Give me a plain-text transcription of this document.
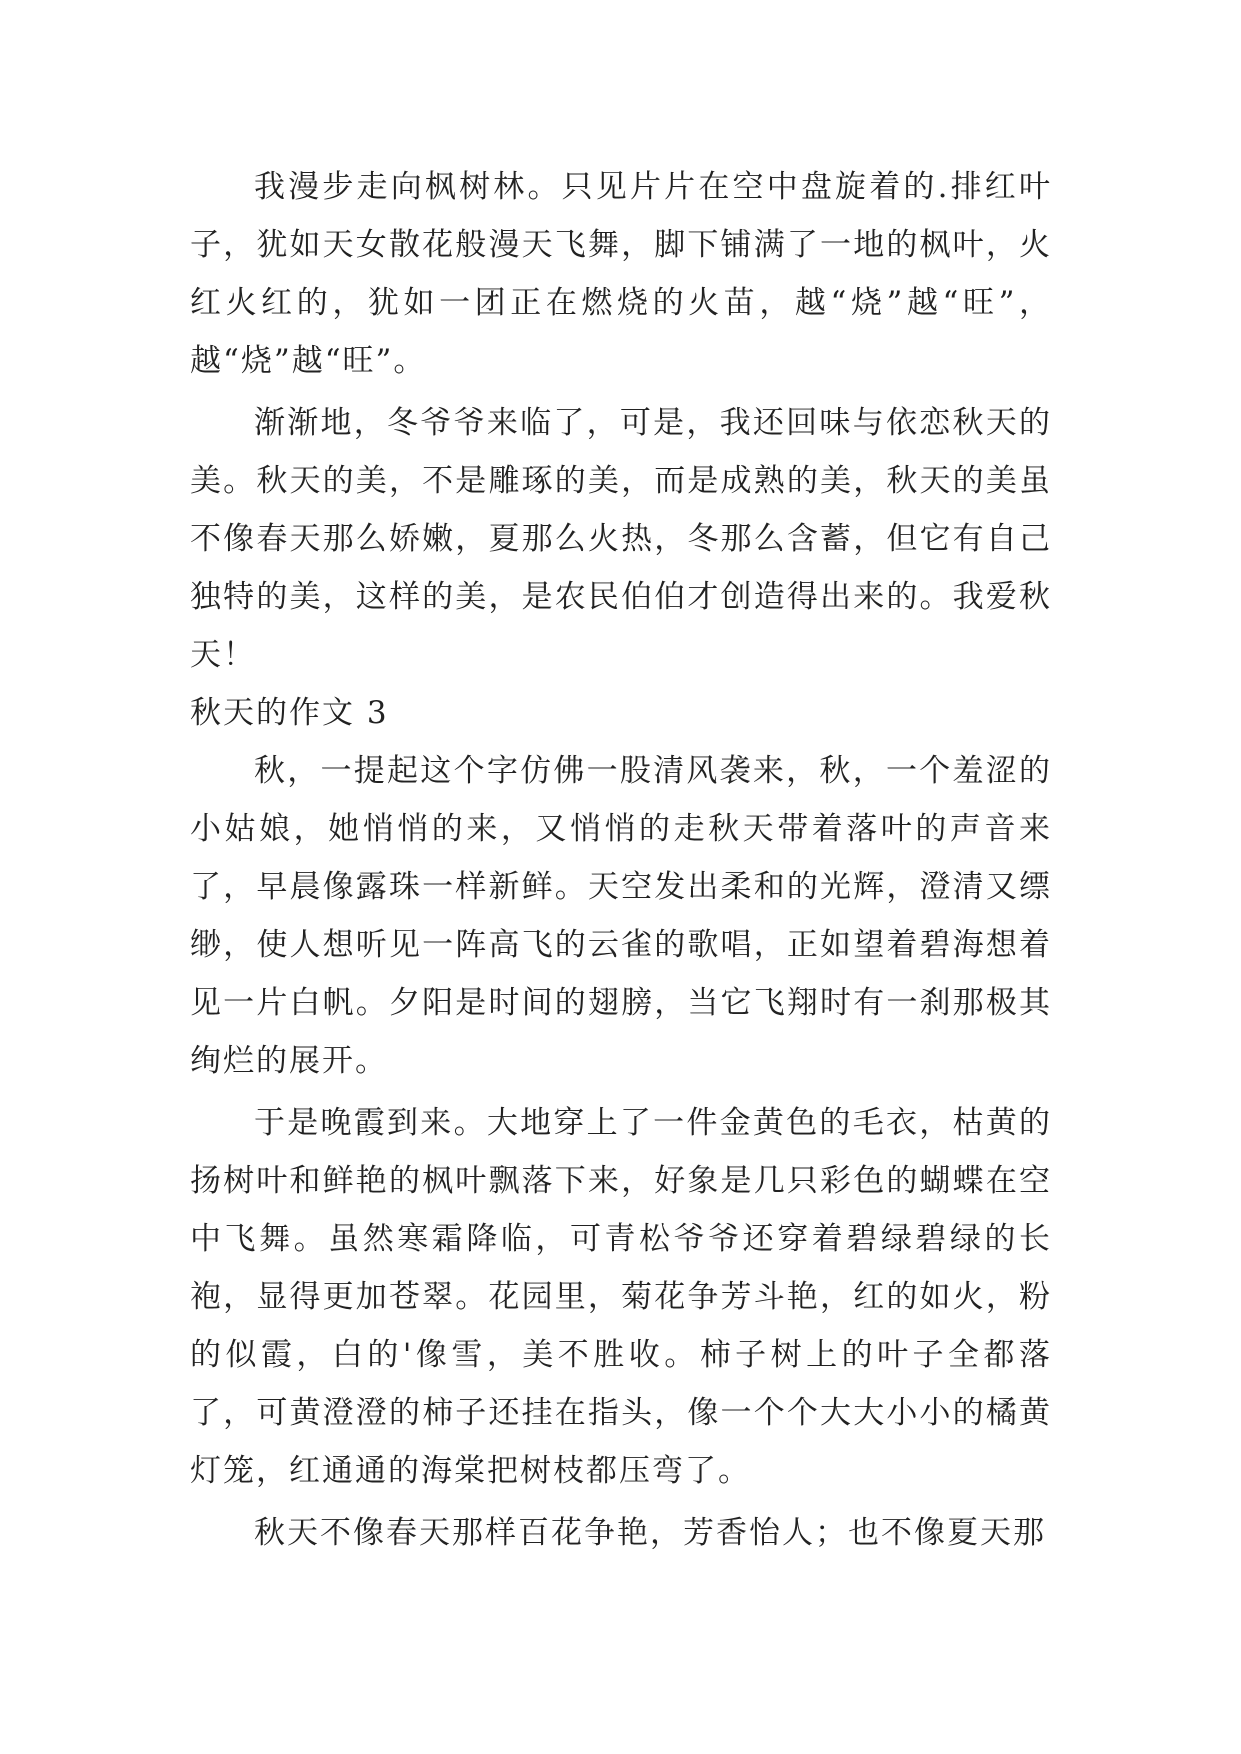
我漫步走向枫树林。只见片片在空中盘旋着的.排红叶子，犹如天女散花般漫天飞舞，脚下铺满了一地的枫叶，火红火红的，犹如一团正在燃烧的火苗，越“烧”越“旺”，越“烧”越“旺”。

渐渐地，冬爷爷来临了，可是，我还回味与依恋秋天的美。秋天的美，不是雕琢的美，而是成熟的美，秋天的美虽不像春天那么娇嫩，夏那么火热，冬那么含蓄，但它有自己独特的美，这样的美，是农民伯伯才创造得出来的。我爱秋天！

秋天的作文 3

秋，一提起这个字仿佛一股清风袭来，秋，一个羞涩的小姑娘，她悄悄的来，又悄悄的走秋天带着落叶的声音来了，早晨像露珠一样新鲜。天空发出柔和的光辉，澄清又缥缈，使人想听见一阵高飞的云雀的歌唱，正如望着碧海想着见一片白帆。夕阳是时间的翅膀，当它飞翔时有一刹那极其绚烂的展开。

于是晚霞到来。大地穿上了一件金黄色的毛衣，枯黄的扬树叶和鲜艳的枫叶飘落下来，好象是几只彩色的蝴蝶在空中飞舞。虽然寒霜降临，可青松爷爷还穿着碧绿碧绿的长袍，显得更加苍翠。花园里，菊花争芳斗艳，红的如火，粉的似霞，白的'像雪，美不胜收。柿子树上的叶子全都落了，可黄澄澄的柿子还挂在指头，像一个个大大小小的橘黄灯笼，红通通的海棠把树枝都压弯了。

秋天不像春天那样百花争艳，芳香怡人；也不像夏天那
